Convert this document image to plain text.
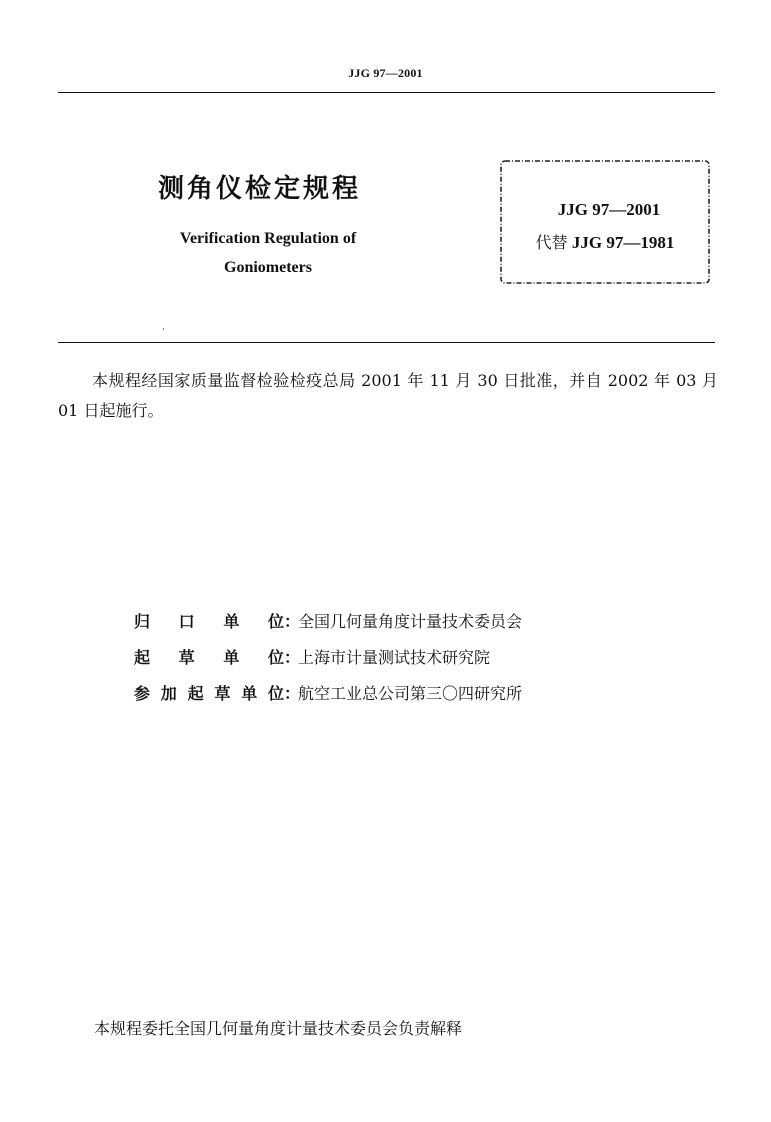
JJG 97—2001
测角仪检定规程
Verification Regulation of
Goniometers
JJG 97—2001
代替 JJG 97—1981
本规程经国家质量监督检验检疫总局 2001 年 11 月 30 日批准，并自 2002 年 03 月 01 日起施行。
归 口 单 位 ：
全国几何量角度计量技术委员会
起 草 单 位 ：
上海市计量测试技术研究院
参 加 起 草 单 位 ：
航空工业总公司第三〇四研究所
本规程委托全国几何量角度计量技术委员会负责解释
